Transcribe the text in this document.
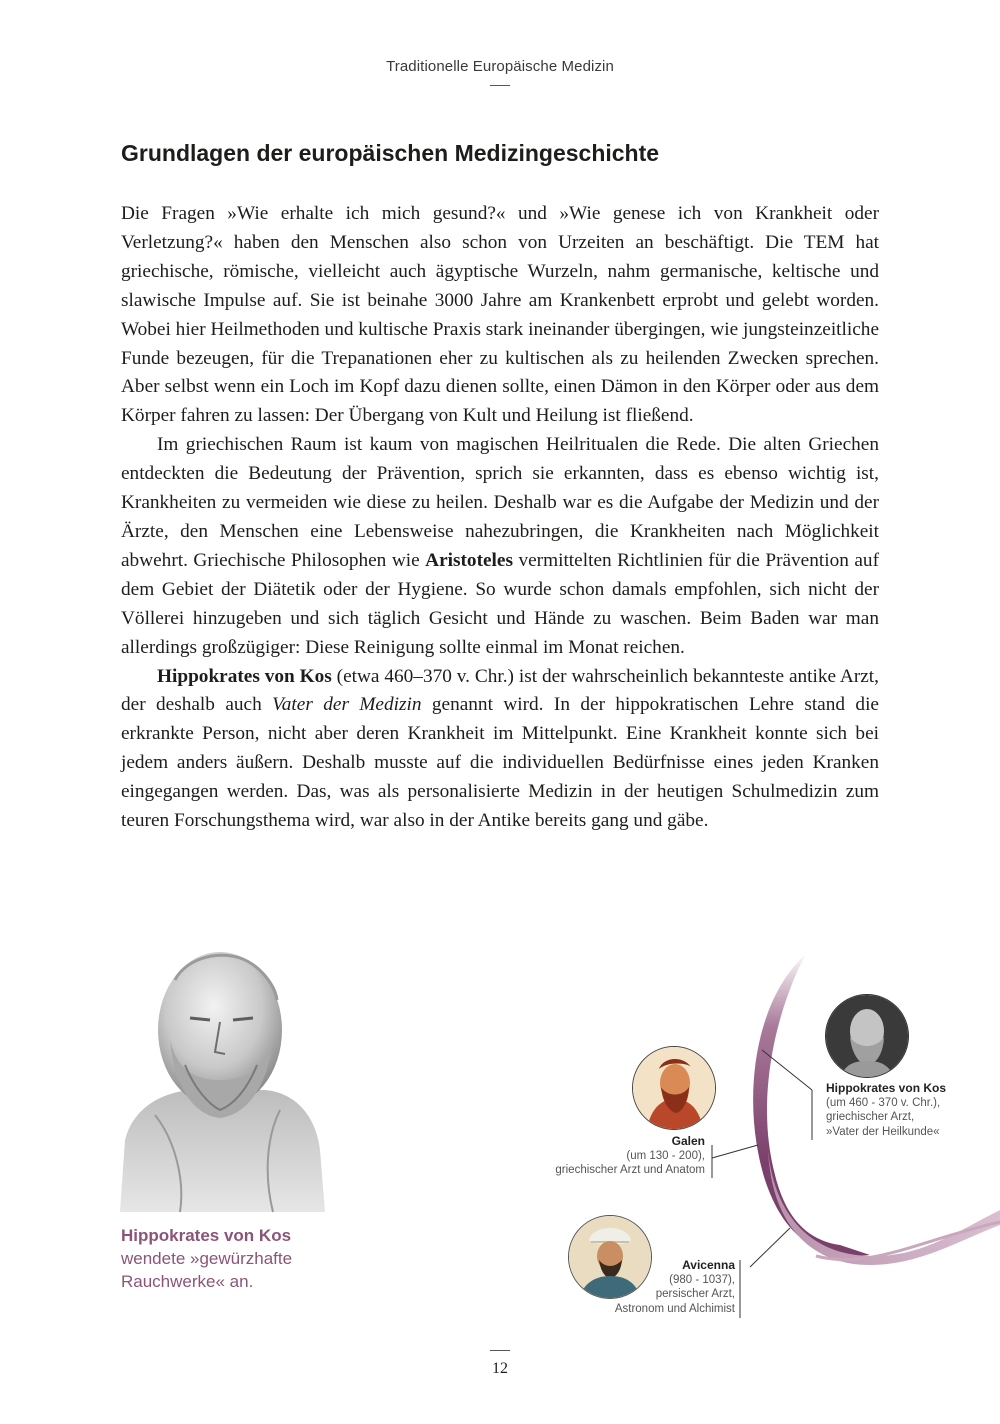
Traditionelle Europäische Medizin
Grundlagen der europäischen Medizingeschichte

Die Fragen »Wie erhalte ich mich gesund?« und »Wie genese ich von Krankheit oder Verletzung?« haben den Menschen also schon von Urzeiten an beschäftigt. Die TEM hat griechische, römische, vielleicht auch ägyptische Wurzeln, nahm germanische, keltische und slawische Impulse auf. Sie ist beinahe 3000 Jahre am Krankenbett erprobt und gelebt worden. Wobei hier Heilmethoden und kultische Praxis stark ineinander übergingen, wie jungsteinzeitliche Funde bezeugen, für die Trepanationen eher zu kultischen als zu heilenden Zwecken sprechen. Aber selbst wenn ein Loch im Kopf dazu dienen sollte, einen Dämon in den Körper oder aus dem Körper fahren zu lassen: Der Übergang von Kult und Heilung ist fließend.

Im griechischen Raum ist kaum von magischen Heilritualen die Rede. Die alten Griechen entdeckten die Bedeutung der Prävention, sprich sie erkannten, dass es ebenso wichtig ist, Krankheiten zu vermeiden wie diese zu heilen. Deshalb war es die Aufgabe der Medizin und der Ärzte, den Menschen eine Lebensweise nahezubringen, die Krankheiten nach Möglichkeit abwehrt. Griechische Philosophen wie Aristoteles vermittelten Richtlinien für die Prävention auf dem Gebiet der Diätetik oder der Hygiene. So wurde schon damals empfohlen, sich nicht der Völlerei hinzugeben und sich täglich Gesicht und Hände zu waschen. Beim Baden war man allerdings großzügiger: Diese Reinigung sollte einmal im Monat reichen.

Hippokrates von Kos (etwa 460–370 v. Chr.) ist der wahrscheinlich bekannteste antike Arzt, der deshalb auch Vater der Medizin genannt wird. In der hippokratischen Lehre stand die erkrankte Person, nicht aber deren Krankheit im Mittelpunkt. Eine Krankheit konnte sich bei jedem anders äußern. Deshalb musste auf die individuellen Bedürfnisse eines jeden Kranken eingegangen werden. Das, was als personalisierte Medizin in der heutigen Schulmedizin zum teuren Forschungsthema wird, war also in der Antike bereits gang und gäbe.

Hippokrates von Kos
wendete »gewürzhafte
Rauchwerke« an.
Hippokrates von Kos
(um 460 - 370 v. Chr.),
griechischer Arzt,
»Vater der Heilkunde«
Galen
(um 130 - 200),
griechischer Arzt und Anatom
Avicenna
(980 - 1037),
persischer Arzt,
Astronom und Alchimist
12
